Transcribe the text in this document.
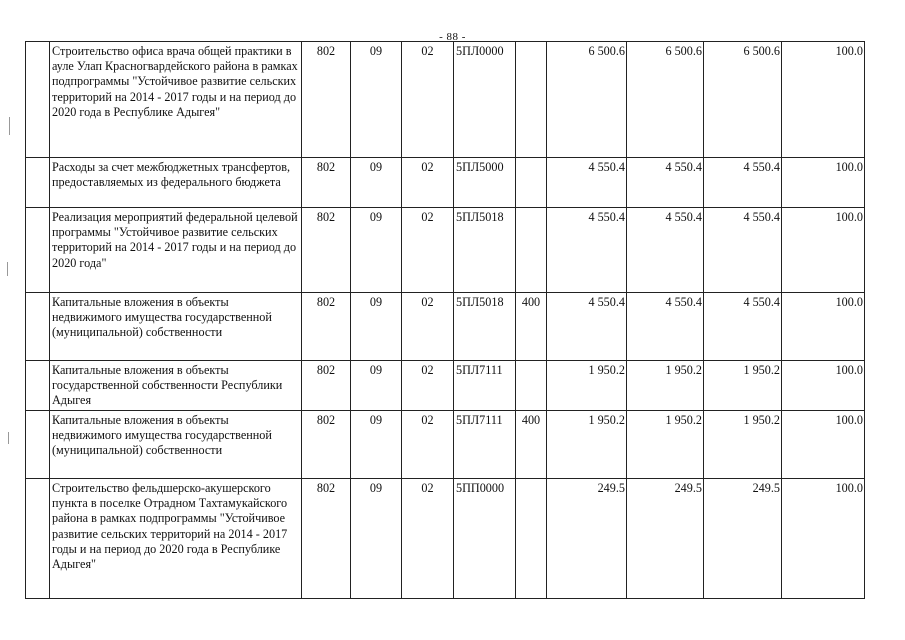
- 88 -
	Строительство офиса врача общей практики в ауле Улап Красногвардейского района в рамках подпрограммы "Устойчивое развитие сельских территорий на 2014 - 2017 годы и на период до 2020 года в Республике Адыгея"	802	09	02	5ПЛ0000		6 500.6	6 500.6	6 500.6	100.0
	Расходы за счет межбюджетных трансфертов, предоставляемых из федерального бюджета	802	09	02	5ПЛ5000		4 550.4	4 550.4	4 550.4	100.0
	Реализация мероприятий федеральной целевой программы "Устойчивое развитие сельских территорий на 2014 - 2017 годы и на период до 2020 года"	802	09	02	5ПЛ5018		4 550.4	4 550.4	4 550.4	100.0
	Капитальные вложения в объекты недвижимого имущества государственной (муниципальной) собственности	802	09	02	5ПЛ5018	400	4 550.4	4 550.4	4 550.4	100.0
	Капитальные вложения в объекты государственной собственности Республики Адыгея	802	09	02	5ПЛ7111		1 950.2	1 950.2	1 950.2	100.0
	Капитальные вложения в объекты недвижимого имущества государственной (муниципальной) собственности	802	09	02	5ПЛ7111	400	1 950.2	1 950.2	1 950.2	100.0
	Строительство фельдшерско-акушерского пункта в поселке Отрадном Тахтамукайского района в рамках подпрограммы "Устойчивое развитие сельских территорий на 2014 - 2017 годы и на период до 2020 года в Республике Адыгея"	802	09	02	5ПП0000		249.5	249.5	249.5	100.0
